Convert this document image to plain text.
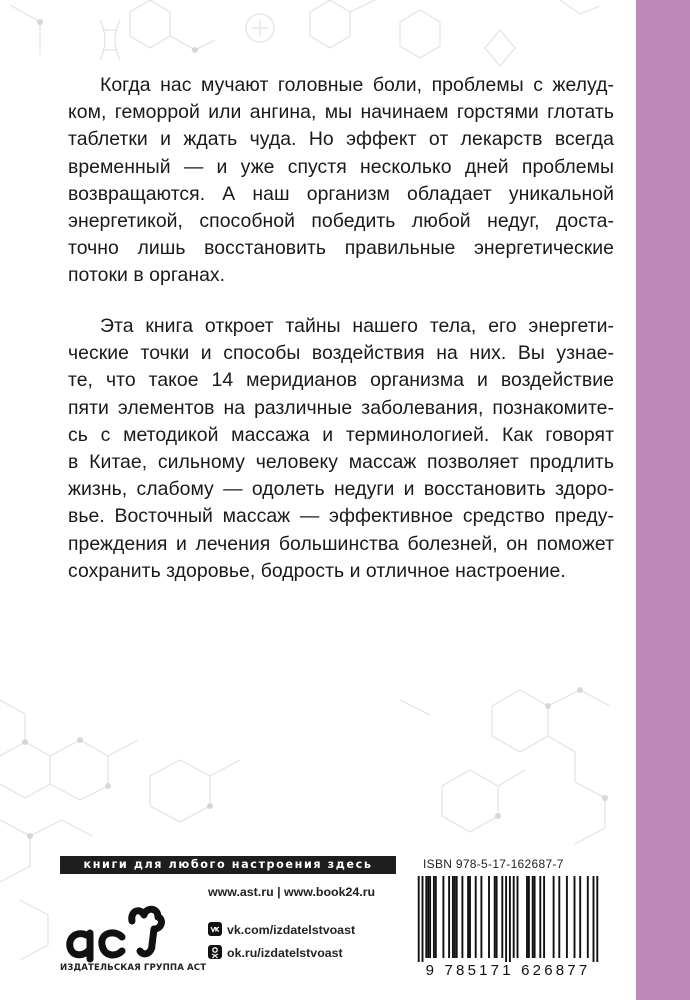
Когда нас мучают головные боли, проблемы с желуд-
ком, геморрой или ангина, мы начинаем горстями глотать
таблетки и ждать чуда. Но эффект от лекарств всегда
временный — и уже спустя несколько дней проблемы
возвращаются. А наш организм обладает уникальной
энергетикой, способной победить любой недуг, доста-
точно лишь восстановить правильные энергетические
потоки в органах.
Эта книга откроет тайны нашего тела, его энергети-
ческие точки и способы воздействия на них. Вы узнае-
те, что такое 14 меридианов организма и воздействие
пяти элементов на различные заболевания, познакомите-
сь с методикой массажа и терминологией. Как говорят
в Китае, сильному человеку массаж позволяет продлить
жизнь, слабому — одолеть недуги и восстановить здоро-
вье. Восточный массаж — эффективное средство преду-
преждения и лечения большинства болезней, он поможет
сохранить здоровье, бодрость и отличное настроение.
книги для любого настроения здесь
ИЗДАТЕЛЬСКАЯ ГРУППА АСТ
www.ast.ru | www.book24.ru
vk.com/izdatelstvoast
ok.ru/izdatelstvoast
ISBN 978-5-17-162687-7
9 785171 626877
